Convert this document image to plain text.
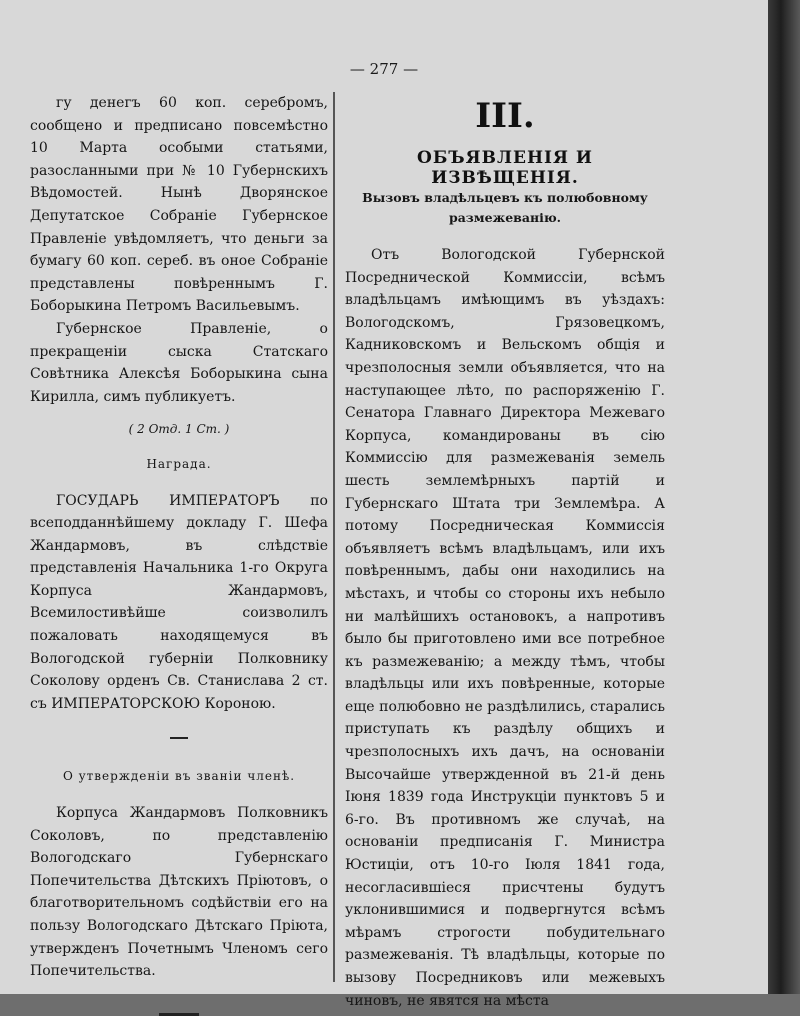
— 277 —

гу денегъ 60 коп. серебромъ, сообщено и предписано повсемѣстно 10 Марта особыми статьями, разосланными при № 10 Губернскихъ Вѣдомостей. Нынѣ Дворянское Депутатское Собраніе Губернское Правленіе увѣдомляетъ, что деньги за бумагу 60 коп. сереб. въ оное Собраніе представлены повѣреннымъ Г. Боборыкина Петромъ Васильевымъ.

Губернское Правленіе, о прекращеніи сыска Статскаго Совѣтника Алексѣя Боборыкина сына Кирилла, симъ публикуетъ.

( 2 Отд. 1 Ст. )

Награда.

ГОСУДАРЬ ИМПЕРАТОРЪ по всеподданнѣйшему докладу Г. Шефа Жандармовъ, въ слѣдствіе представленія Начальника 1-го Округа Корпуса Жандармовъ, Всемилостивѣйше соизволилъ пожаловать находящемуся въ Вологодской губерніи Полковнику Соколову орденъ Св. Станислава 2 ст. съ ИМПЕРАТОРСКОЮ Короною.

О утвержденіи въ званіи членѣ.

Корпуса Жандармовъ Полковникъ Соколовъ, по представленію Вологодскаго Губернскаго Попечительства Дѣтскихъ Пріютовъ, о благотворительномъ содѣйствіи его на пользу Вологодскаго Дѣтскаго Пріюта, утвержденъ Почетнымъ Членомъ сего Попечительства.

III.
ОБЪЯВЛЕНІЯ И ИЗВѢЩЕНІЯ.

Вызовъ владѣльцевъ къ полюбовному размежеванію.

Отъ Вологодской Губернской Посреднической Коммиссіи, всѣмъ владѣльцамъ имѣющимъ въ уѣздахъ: Вологодскомъ, Грязовецкомъ, Кадниковскомъ и Вельскомъ общія и чрезполосныя земли объявляется, что на наступающее лѣто, по распоряженію Г. Сенатора Главнаго Директора Межеваго Корпуса, командированы въ сію Коммиссію для размежеванія земель шесть землемѣрныхъ партій и Губернскаго Штата три Землемѣра. А потому Посредническая Коммиссія объявляетъ всѣмъ владѣльцамъ, или ихъ повѣреннымъ, дабы они находились на мѣстахъ, и чтобы со стороны ихъ небыло ни малѣйшихъ остановокъ, а напротивъ было бы приготовлено ими все потребное къ размежеванію; а между тѣмъ, чтобы владѣльцы или ихъ повѣренные, которые еще полюбовно не раздѣлились, старались приступать къ раздѣлу общихъ и чрезполосныхъ ихъ дачъ, на основаніи Высочайше утвержденной въ 21-й день Іюня 1839 года Инструкціи пунктовъ 5 и 6-го. Въ противномъ же случаѣ, на основаніи предписанія Г. Министра Юстиціи, отъ 10-го Іюля 1841 года, несогласившіеся присчтены будутъ уклонившимися и подвергнутся всѣмъ мѣрамъ строгости побудительнаго размежеванія. Тѣ владѣльцы, которые по вызову Посредниковъ или межевыхъ чиновъ, не явятся на мѣста
